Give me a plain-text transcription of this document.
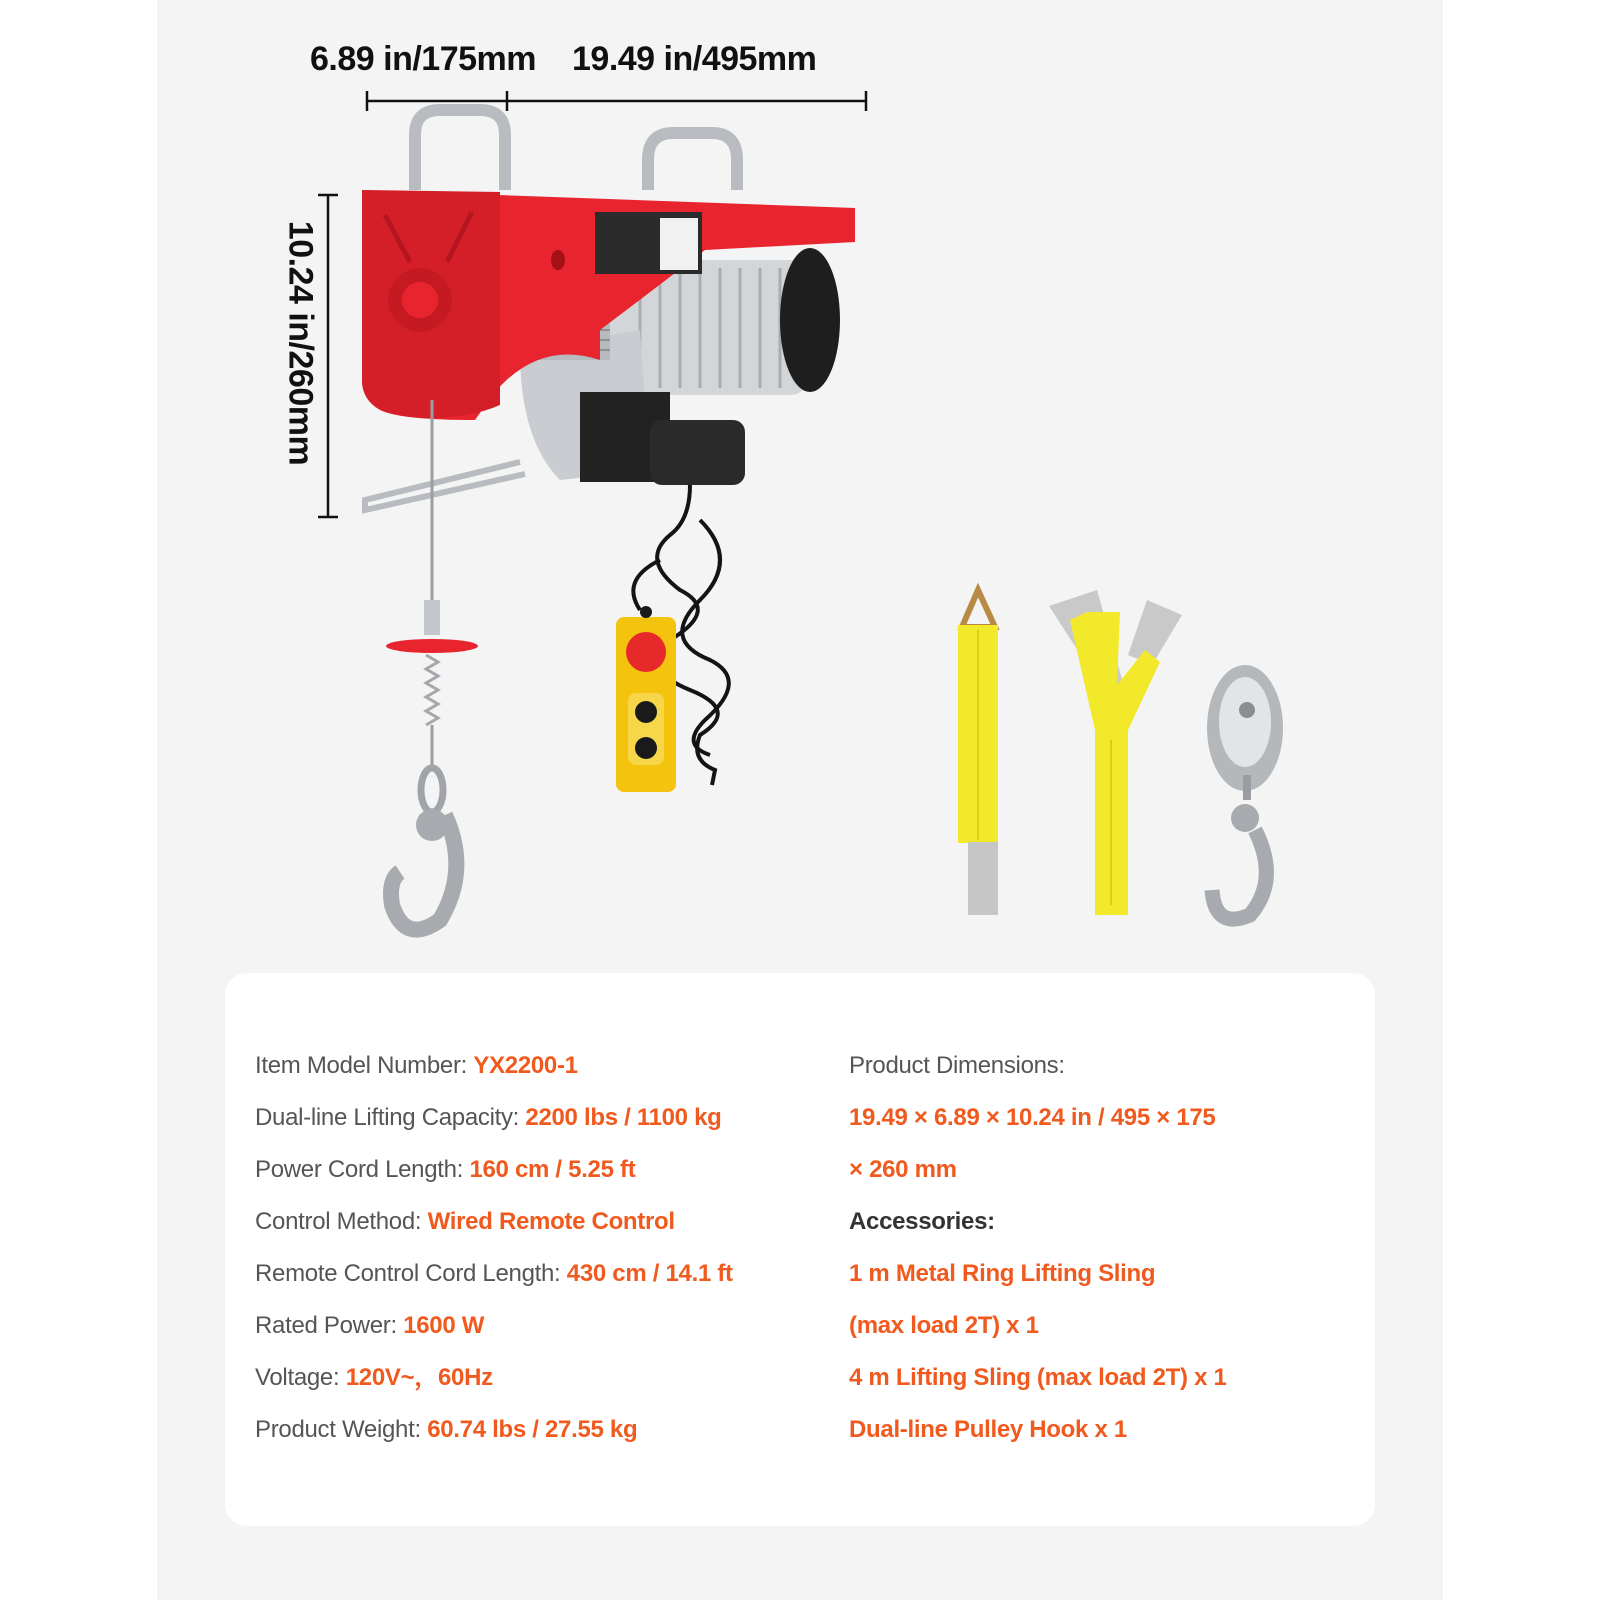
6.89 in/175mm 19.49 in/495mm
10.24 in/260mm
Item Model Number: YX2200-1
Dual-line Lifting Capacity: 2200 lbs / 1100 kg
Power Cord Length: 160 cm / 5.25 ft
Control Method: Wired Remote Control
Remote Control Cord Length: 430 cm / 14.1 ft
Rated Power: 1600 W
Voltage: 120V~，60Hz
Product Weight: 60.74 lbs / 27.55 kg
Product Dimensions:
19.49 × 6.89 × 10.24 in / 495 × 175
× 260 mm
Accessories:
1 m Metal Ring Lifting Sling
(max load 2T) x 1
4 m Lifting Sling (max load 2T) x 1
Dual-line Pulley Hook x 1
